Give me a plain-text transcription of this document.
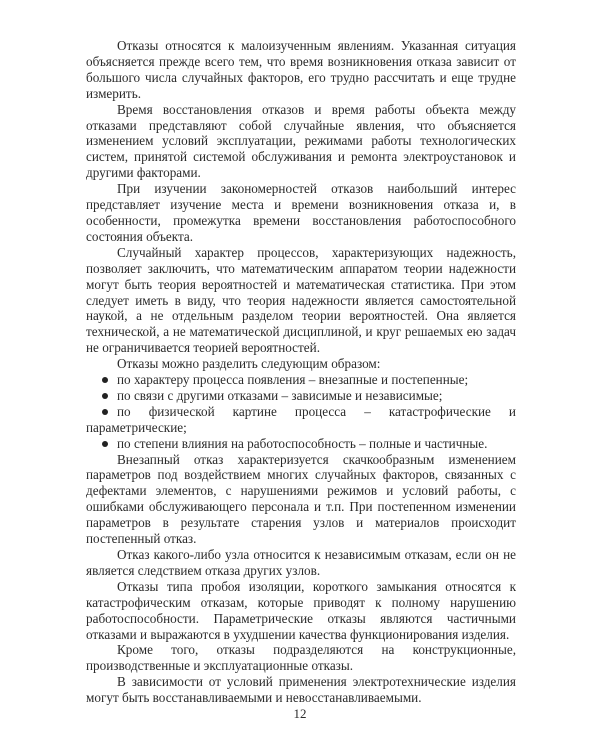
Отказы относятся к малоизученным явлениям. Указанная ситуация объясняется прежде всего тем, что время возникновения отказа зависит от большого числа случайных факторов, его трудно рассчитать и еще трудне измерить.

Время восстановления отказов и время работы объекта между отказами представляют собой случайные явления, что объясняется изменением условий эксплуатации, режимами работы технологических систем, принятой системой обслуживания и ремонта электроустановок и другими факторами.

При изучении закономерностей отказов наибольший интерес представляет изучение места и времени возникновения отказа и, в особенности, промежутка времени восстановления работоспособного состояния объекта.

Случайный характер процессов, характеризующих надежность, позволяет заключить, что математическим аппаратом теории надежности могут быть теория вероятностей и математическая статистика. При этом следует иметь в виду, что теория надежности является самостоятельной наукой, а не отдельным разделом теории вероятностей. Она является технической, а не математической дисциплиной, и круг решаемых ею задач не ограничивается теорией вероятностей.

Отказы можно разделить следующим образом:

по характеру процесса появления – внезапные и постепенные;
по связи с другими отказами – зависимые и независимые;
по физической картине процесса – катастрофические и параметрические;
по степени влияния на работоспособность – полные и частичные.

Внезапный отказ характеризуется скачкообразным изменением параметров под воздействием многих случайных факторов, связанных с дефектами элементов, с нарушениями режимов и условий работы, с ошибками обслуживающего персонала и т.п. При постепенном изменении параметров в результате старения узлов и материалов происходит постепенный отказ.

Отказ какого-либо узла относится к независимым отказам, если он не является следствием отказа других узлов.

Отказы типа пробоя изоляции, короткого замыкания относятся к катастрофическим отказам, которые приводят к полному нарушению работоспособности. Параметрические отказы являются частичными отказами и выражаются в ухудшении качества функционирования изделия.

Кроме того, отказы подразделяются на конструкционные, производственные и эксплуатационные отказы.

В зависимости от условий применения электротехнические изделия могут быть восстанавливаемыми и невосстанавливаемыми.

12
